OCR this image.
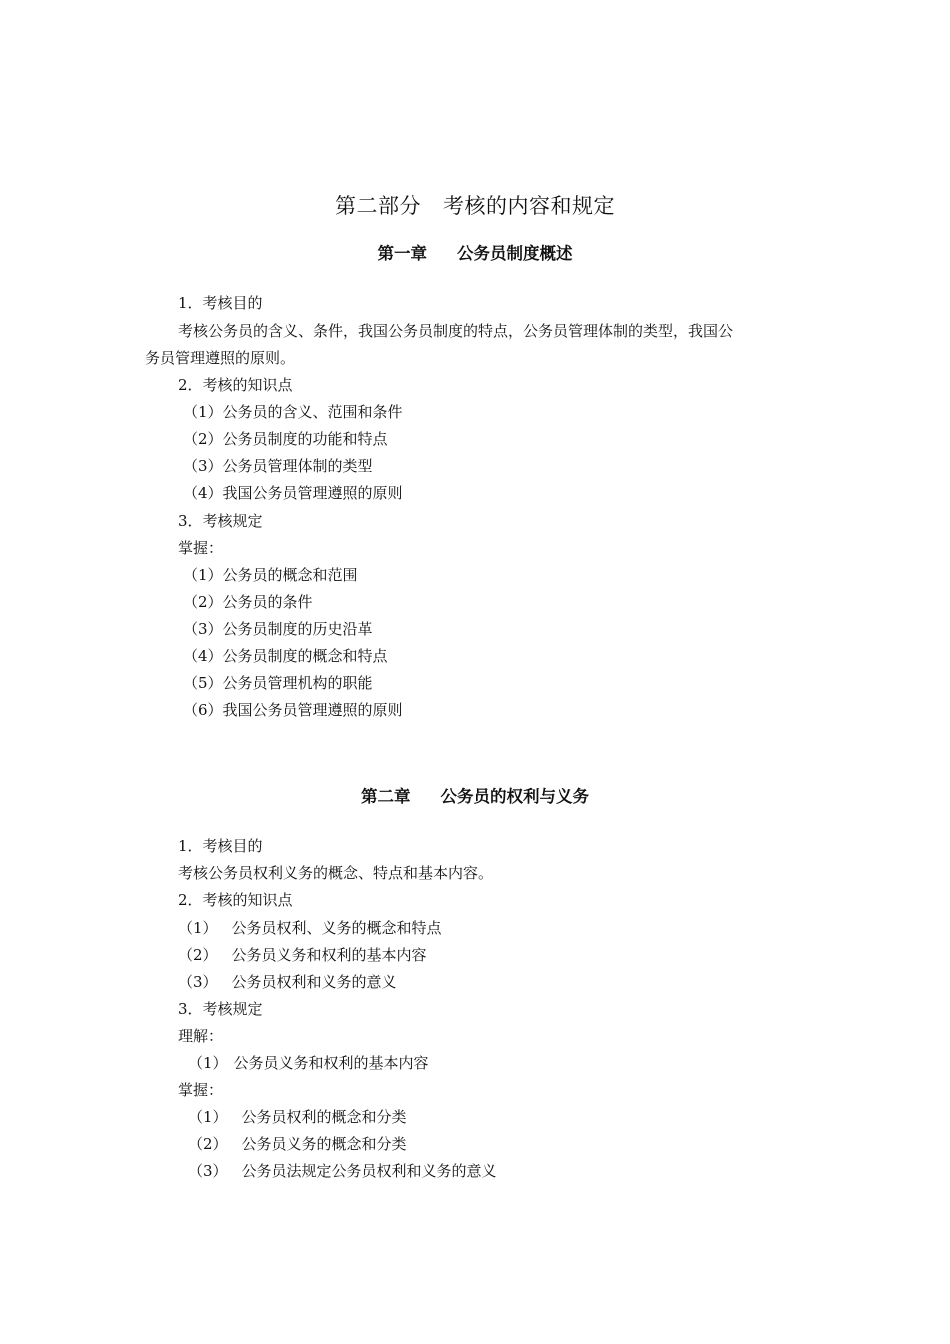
第二部分 考核的内容和规定
第一章 公务员制度概述
1．考核目的
考核公务员的含义、条件，我国公务员制度的特点，公务员管理体制的类型，我国公
务员管理遵照的原则。
2．考核的知识点
（1）公务员的含义、范围和条件
（2）公务员制度的功能和特点
（3）公务员管理体制的类型
（4）我国公务员管理遵照的原则
3．考核规定
掌握：
（1）公务员的概念和范围
（2）公务员的条件
（3）公务员制度的历史沿革
（4）公务员制度的概念和特点
（5）公务员管理机构的职能
（6）我国公务员管理遵照的原则
第二章 公务员的权利与义务
1．考核目的
考核公务员权利义务的概念、特点和基本内容。
2．考核的知识点
（1） 公务员权利、义务的概念和特点
（2） 公务员义务和权利的基本内容
（3） 公务员权利和义务的意义
3．考核规定
理解：
（1） 公务员义务和权利的基本内容
掌握：
（1） 公务员权利的概念和分类
（2） 公务员义务的概念和分类
（3） 公务员法规定公务员权利和义务的意义
